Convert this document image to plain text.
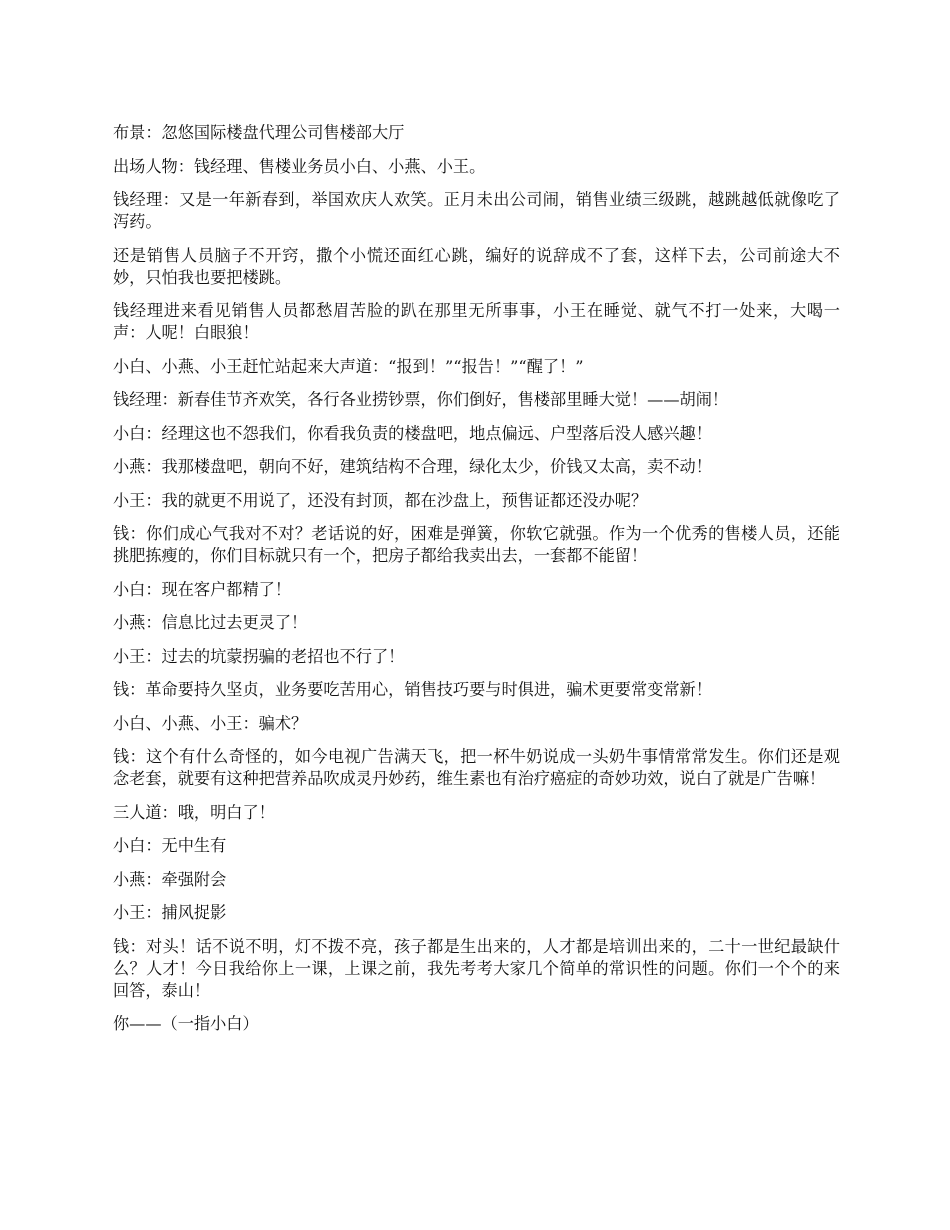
布景：忽悠国际楼盘代理公司售楼部大厅

出场人物：钱经理、售楼业务员小白、小燕、小王。

钱经理：又是一年新春到，举国欢庆人欢笑。正月未出公司闹，销售业绩三级跳，越跳越低就像吃了泻药。

还是销售人员脑子不开窍，撒个小慌还面红心跳，编好的说辞成不了套，这样下去，公司前途大不妙，只怕我也要把楼跳。

钱经理进来看见销售人员都愁眉苦脸的趴在那里无所事事，小王在睡觉、就气不打一处来，大喝一声：人呢！白眼狼！

小白、小燕、小王赶忙站起来大声道：“报到！”“报告！”“醒了！”

钱经理：新春佳节齐欢笑，各行各业捞钞票，你们倒好，售楼部里睡大觉！——胡闹！

小白：经理这也不怨我们，你看我负责的楼盘吧，地点偏远、户型落后没人感兴趣！

小燕：我那楼盘吧，朝向不好，建筑结构不合理，绿化太少，价钱又太高，卖不动！

小王：我的就更不用说了，还没有封顶，都在沙盘上，预售证都还没办呢？

钱：你们成心气我对不对？老话说的好，困难是弹簧，你软它就强。作为一个优秀的售楼人员，还能挑肥拣瘦的，你们目标就只有一个，把房子都给我卖出去，一套都不能留！

小白：现在客户都精了！

小燕：信息比过去更灵了！

小王：过去的坑蒙拐骗的老招也不行了！

钱：革命要持久坚贞，业务要吃苦用心，销售技巧要与时俱进，骗术更要常变常新！

小白、小燕、小王：骗术？

钱：这个有什么奇怪的，如今电视广告满天飞，把一杯牛奶说成一头奶牛事情常常发生。你们还是观念老套，就要有这种把营养品吹成灵丹妙药，维生素也有治疗癌症的奇妙功效，说白了就是广告嘛！

三人道：哦，明白了！

小白：无中生有

小燕：牵强附会

小王：捕风捉影

钱：对头！话不说不明，灯不拨不亮，孩子都是生出来的，人才都是培训出来的，二十一世纪最缺什么？人才！今日我给你上一课，上课之前，我先考考大家几个简单的常识性的问题。你们一个个的来回答，泰山！

你——（一指小白）
